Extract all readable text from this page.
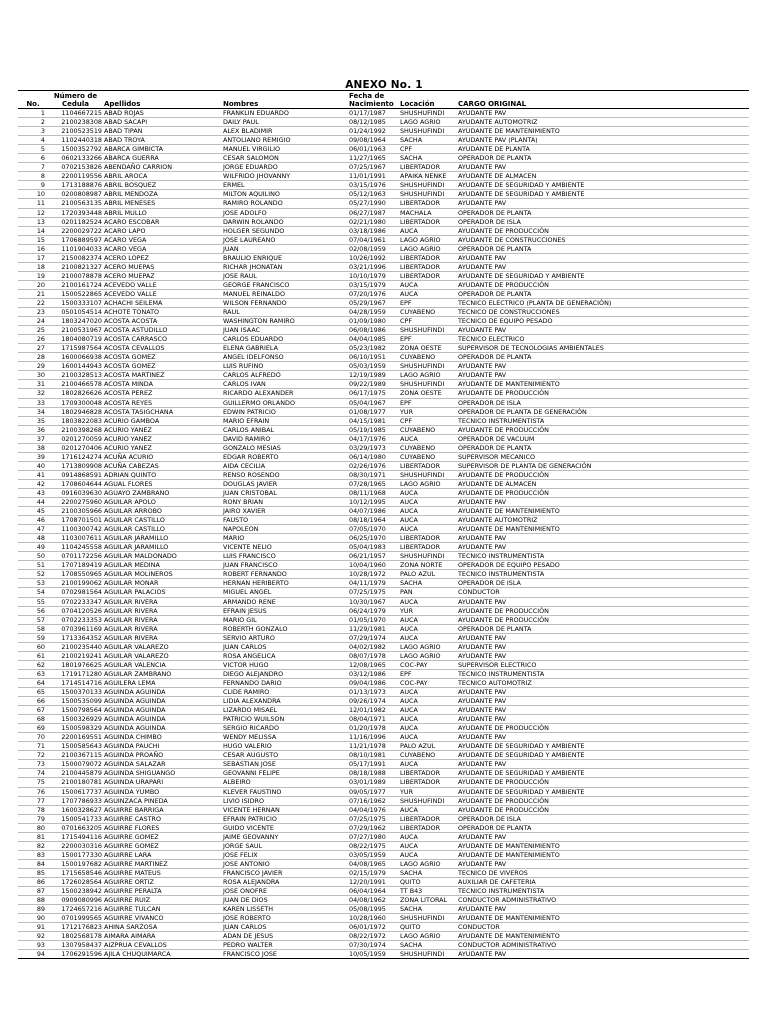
ANEXO No. 1
No.	Número de Cedula	Apellidos	Nombres	Fecha de Nacimiento	Locación	CARGO ORIGINAL
1	1104667215	ABAD ROJAS	FRANKLIN EDUARDO	01/17/1987	SHUSHUFINDI	AYUDANTE PAV
2	2100238308	ABAD SACAPI	DAILY PAUL	08/12/1985	LAGO AGRIO	AYUDANTE AUTOMOTRIZ
3	2100523519	ABAD TIPAN	ALEX BLADIMIR	01/24/1992	SHUSHUFINDI	AYUDANTE DE MANTENIMIENTO
4	1102440318	ABAD TROYA	ANTOLIANO REMIGIO	09/08/1964	SACHA	AYUDANTE PAV (PLANTA)
5	1500352792	ABARCA GIMBICTA	MANUEL VIRGILIO	06/01/1963	CPF	AYUDANTE DE PLANTA
6	0602133266	ABARCA GUERRA	CESAR SALOMON	11/27/1965	SACHA	OPERADOR DE PLANTA
7	0702153826	ABENDAÑO CARRION	JORGE EDUARDO	07/25/1967	LIBERTADOR	AYUDANTE PAV
8	2200119556	ABRIL AROCA	WILFRIDO JHOVANNY	11/01/1991	APAIKA NENKE	AYUDANTE DE ALMACEN
9	1713188876	ABRIL BOSQUEZ	ERMEL	03/15/1976	SHUSHUFINDI	AYUDANTE DE SEGURIDAD Y AMBIENTE
10	0200808987	ABRIL MENDOZA	MILTON AQUILINO	05/12/1963	SHUSHUFINDI	AYUDANTE DE SEGURIDAD Y AMBIENTE
11	2100563135	ABRIL MENESES	RAMIRO ROLANDO	05/27/1990	LIBERTADOR	AYUDANTE PAV
12	1720393448	ABRIL MULLO	JOSE ADOLFO	06/27/1987	MACHALA	OPERADOR DE PLANTA
13	0201182524	ACARO ESCOBAR	DARWIN ROLANDO	02/21/1980	LIBERTADOR	OPERADOR DE ISLA
14	2200029722	ACARO LAPO	HOLGER SEGUNDO	03/18/1986	AUCA	AYUDANTE DE PRODUCCIÓN
15	1706889597	ACARO VEGA	JOSE LAUREANO	07/04/1961	LAGO AGRIO	AYUDANTE DE CONSTRUCCIONES
16	1101904033	ACARO VEGA	JUAN	02/08/1959	LAGO AGRIO	OPERADOR DE PLANTA
17	2150082374	ACERO LOPEZ	BRAULIO ENRIQUE	10/26/1992	LIBERTADOR	AYUDANTE PAV
18	2100821327	ACERO MUEPAS	RICHAR JHONATAN	03/21/1996	LIBERTADOR	AYUDANTE PAV
19	2100078878	ACERO MUEPAZ	JOSE RAUL	10/10/1979	LIBERTADOR	AYUDANTE DE SEGURIDAD Y AMBIENTE
20	2100161724	ACEVEDO VALLE	GEORGE FRANCISCO	03/15/1979	AUCA	AYUDANTE DE PRODUCCIÓN
21	1500522865	ACEVEDO VALLE	MANUEL REINALDO	07/20/1976	AUCA	OPERADOR DE PLANTA
22	1500333107	ACHACHI SEILEMA	WILSON FERNANDO	05/29/1967	EPF	TECNICO ELECTRICO (PLANTA DE GENERACIÓN)
23	0501054514	ACHOTE TONATO	RAUL	04/28/1959	CUYABENO	TECNICO DE CONSTRUCCIONES
24	1803247020	ACOSTA ACOSTA	WASHINGTON RAMIRO	01/09/1980	CPF	TECNICO DE EQUIPO PESADO
25	2100531967	ACOSTA ASTUDILLO	JUAN ISAAC	06/08/1986	SHUSHUFINDI	AYUDANTE PAV
26	1804080719	ACOSTA CARRASCO	CARLOS EDUARDO	04/04/1985	EPF	TECNICO ELECTRICO
27	1715987564	ACOSTA CEVALLOS	ELENA GABRIELA	05/23/1982	ZONA OESTE	SUPERVISOR DE TECNOLOGIAS AMBIENTALES
28	1600066938	ACOSTA GOMEZ	ANGEL IDELFONSO	06/10/1951	CUYABENO	OPERADOR DE PLANTA
29	1600144943	ACOSTA GOMEZ	LUIS RUFINO	05/03/1959	SHUSHUFINDI	AYUDANTE PAV
30	2100328513	ACOSTA MARTINEZ	CARLOS ALFREDO	12/19/1989	LAGO AGRIO	AYUDANTE PAV
31	2100466578	ACOSTA MINDA	CARLOS IVAN	09/22/1989	SHUSHUFINDI	AYUDANTE DE MANTENIMIENTO
32	1802826626	ACOSTA PEREZ	RICARDO ALEXANDER	06/17/1975	ZONA OESTE	AYUDANTE DE PRODUCCIÓN
33	1709300048	ACOSTA REYES	GUILLERMO ORLANDO	05/04/1967	EPF	OPERADOR DE ISLA
34	1802946828	ACOSTA TASIGCHANA	EDWIN PATRICIO	01/08/1977	YUR	OPERADOR DE PLANTA DE GENERACIÓN
35	1803822083	ACURIO GAMBOA	MARIO EFRAIN	04/15/1981	CPF	TECNICO INSTRUMENTISTA
36	2100398268	ACURIO YANEZ	CARLOS ANIBAL	05/19/1985	CUYABENO	AYUDANTE DE PRODUCCIÓN
37	0201270059	ACURIO YANEZ	DAVID RAMIRO	04/17/1976	AUCA	OPERADOR DE VACUUM
38	0201270406	ACURIO YANEZ	GONZALO MESIAS	03/29/1973	CUYABENO	OPERADOR DE PLANTA
39	1716124274	ACUÑA ACURIO	EDGAR ROBERTO	06/14/1980	CUYABENO	SUPERVISOR MECANICO
40	1713809908	ACUÑA CABEZAS	AIDA CECILIA	02/26/1976	LIBERTADOR	SUPERVISOR DE PLANTA DE GENERACIÓN
41	0914868591	ADRIAN QUINTO	RENSO ROSENDO	08/30/1971	SHUSHUFINDI	AYUDANTE DE PRODUCCIÓN
42	1708604644	AGUAL FLORES	DOUGLAS JAVIER	07/28/1965	LAGO AGRIO	AYUDANTE DE ALMACEN
43	0916039630	AGUAYO ZAMBRANO	JUAN CRISTOBAL	08/11/1968	AUCA	AYUDANTE DE PRODUCCIÓN
44	2200275960	AGUILAR APOLO	RONY BRIAN	10/12/1995	AUCA	AYUDANTE PAV
45	2100305966	AGUILAR ARROBO	JAIRO XAVIER	04/07/1986	AUCA	AYUDANTE DE MANTENIMIENTO
46	1708701501	AGUILAR CASTILLO	FAUSTO	08/18/1964	AUCA	AYUDANTE AUTOMOTRIZ
47	1100300742	AGUILAR CASTILLO	NAPOLEON	07/05/1970	AUCA	AYUDANTE DE MANTENIMIENTO
48	1103007611	AGUILAR JARAMILLO	MARIO	06/25/1970	LIBERTADOR	AYUDANTE PAV
49	1104245558	AGUILAR JARAMILLO	VICENTE NELIO	05/04/1983	LIBERTADOR	AYUDANTE PAV
50	0701172256	AGUILAR MALDONADO	LUIS FRANCISCO	06/21/1957	SHUSHUFINDI	TECNICO INSTRUMENTISTA
51	1707189419	AGUILAR MEDINA	JUAN FRANCISCO	10/04/1960	ZONA NORTE	OPERADOR DE EQUIPO PESADO
52	1708550965	AGUILAR MOLINEROS	ROBERT FERNANDO	10/28/1972	PALO AZUL	TECNICO INSTRUMENTISTA
53	2100199062	AGUILAR MONAR	HERNAN HERIBERTO	04/11/1979	SACHA	OPERADOR DE ISLA
54	0702981564	AGUILAR PALACIOS	MIGUEL ANGEL	07/25/1975	PAN	CONDUCTOR
55	0702233347	AGUILAR RIVERA	ARMANDO RENE	10/30/1967	AUCA	AYUDANTE PAV
56	0704120526	AGUILAR RIVERA	EFRAIN JESUS	06/24/1979	YUR	AYUDANTE DE PRODUCCIÓN
57	0702233353	AGUILAR RIVERA	MARIO GIL	01/05/1970	AUCA	AYUDANTE DE PRODUCCIÓN
58	0703961169	AGUILAR RIVERA	ROBERTH GONZALO	11/29/1981	AUCA	OPERADOR DE PLANTA
59	1713364352	AGUILAR RIVERA	SERVIO ARTURO	07/29/1974	AUCA	AYUDANTE PAV
60	2100235440	AGUILAR VALAREZO	JUAN CARLOS	04/02/1982	LAGO AGRIO	AYUDANTE PAV
61	2100219241	AGUILAR VALAREZO	ROSA ANGELICA	08/07/1978	LAGO AGRIO	AYUDANTE PAV
62	1801976625	AGUILAR VALENCIA	VICTOR HUGO	12/08/1965	COC-PAY	SUPERVISOR ELECTRICO
63	1719171280	AGUILAR ZAMBRANO	DIEGO ALEJANDRO	03/12/1986	EPF	TECNICO INSTRUMENTISTA
64	1714514716	AGUILERA LEMA	FERNANDO DARIO	09/04/1986	COC-PAY	TECNICO AUTOMOTRIZ
65	1500370133	AGUINDA AGUINDA	CLIDE RAMIRO	01/13/1973	AUCA	AYUDANTE PAV
66	1500535099	AGUINDA AGUINDA	LIDIA ALEXANDRA	09/26/1974	AUCA	AYUDANTE PAV
67	1500798564	AGUINDA AGUINDA	LIZARDO MISAEL	12/01/1982	AUCA	AYUDANTE PAV
68	1500326929	AGUINDA AGUINDA	PATRICIO WUILSON	08/04/1971	AUCA	AYUDANTE PAV
69	1500598329	AGUINDA AGUINDA	SERGIO RICARDO	01/20/1978	AUCA	AYUDANTE DE PRODUCCIÓN
70	2200169551	AGUINDA CHIMBO	WENDY MELISSA	11/16/1996	AUCA	AYUDANTE PAV
71	1500585643	AGUINDA PAUCHI	HUGO VALERIO	11/21/1978	PALO AZUL	AYUDANTE DE SEGURIDAD Y AMBIENTE
72	2100367115	AGUINDA PROAÑO	CESAR AUGUSTO	08/10/1981	CUYABENO	AYUDANTE DE SEGURIDAD Y AMBIENTE
73	1500079072	AGUINDA SALAZAR	SEBASTIAN JOSE	05/17/1991	AUCA	AYUDANTE PAV
74	2100445879	AGUINDA SHIGUANGO	GEOVANNI FELIPE	08/18/1988	LIBERTADOR	AYUDANTE DE SEGURIDAD Y AMBIENTE
75	2100180781	AGUINDA URAPARI	ALBEIRO	03/01/1989	LIBERTADOR	AYUDANTE DE PRODUCCIÓN
76	1500617737	AGUINDA YUMBO	KLEVER FAUSTINO	09/05/1977	YUR	AYUDANTE DE SEGURIDAD Y AMBIENTE
77	1707786933	AGUINZACA PINEDA	LIVIO ISIDRO	07/16/1962	SHUSHUFINDI	AYUDANTE DE PRODUCCIÓN
78	1600328627	AGUIRRE BARRIGA	VICENTE HERNAN	04/04/1976	AUCA	AYUDANTE DE PRODUCCIÓN
79	1500541733	AGUIRRE CASTRO	EFRAIN PATRICIO	07/25/1975	LIBERTADOR	OPERADOR DE ISLA
80	0701663205	AGUIRRE FLORES	GUIDO VICENTE	07/29/1962	LIBERTADOR	OPERADOR DE PLANTA
81	1715494116	AGUIRRE GOMEZ	JAIME GEOVANNY	07/27/1980	AUCA	AYUDANTE PAV
82	2200030316	AGUIRRE GOMEZ	JORGE SAUL	08/22/1975	AUCA	AYUDANTE DE MANTENIMIENTO
83	1500177330	AGUIRRE LARA	JOSE FELIX	03/05/1959	AUCA	AYUDANTE DE MANTENIMIENTO
84	1500197682	AGUIRRE MARTINEZ	JOSE ANTONIO	04/08/1965	LAGO AGRIO	AYUDANTE PAV
85	1715658546	AGUIRRE MATEUS	FRANCISCO JAVIER	02/15/1979	SACHA	TECNICO DE VIVEROS
86	1726028564	AGUIRRE ORTIZ	ROSA ALEJANDRA	12/20/1991	QUITO	AUXILIAR DE CAFETERIA
87	1500238942	AGUIRRE PERALTA	JOSE ONOFRE	06/04/1964	TT B43	TECNICO INSTRUMENTISTA
88	0909080996	AGUIRRE RUIZ	JUAN DE DIOS	04/08/1962	ZONA LITORAL	CONDUCTOR ADMINISTRATIVO
89	1724657216	AGUIRRE TULCAN	KAREN LISSETH	05/08/1995	SACHA	AYUDANTE PAV
90	0701999565	AGUIRRE VIVANCO	JOSE ROBERTO	10/28/1960	SHUSHUFINDI	AYUDANTE DE MANTENIMIENTO
91	1712176823	AHINA SARZOSA	JUAN CARLOS	06/01/1972	QUITO	CONDUCTOR
92	1802568178	AIMARA AIMARA	ADAN DE JESUS	08/22/1972	LAGO AGRIO	AYUDANTE DE MANTENIMIENTO
93	1307958437	AIZPRUA CEVALLOS	PEDRO WALTER	07/30/1974	SACHA	CONDUCTOR ADMINISTRATIVO
94	1706291596	AJILA CHUQUIMARCA	FRANCISCO JOSE	10/05/1959	SHUSHUFINDI	AYUDANTE PAV
